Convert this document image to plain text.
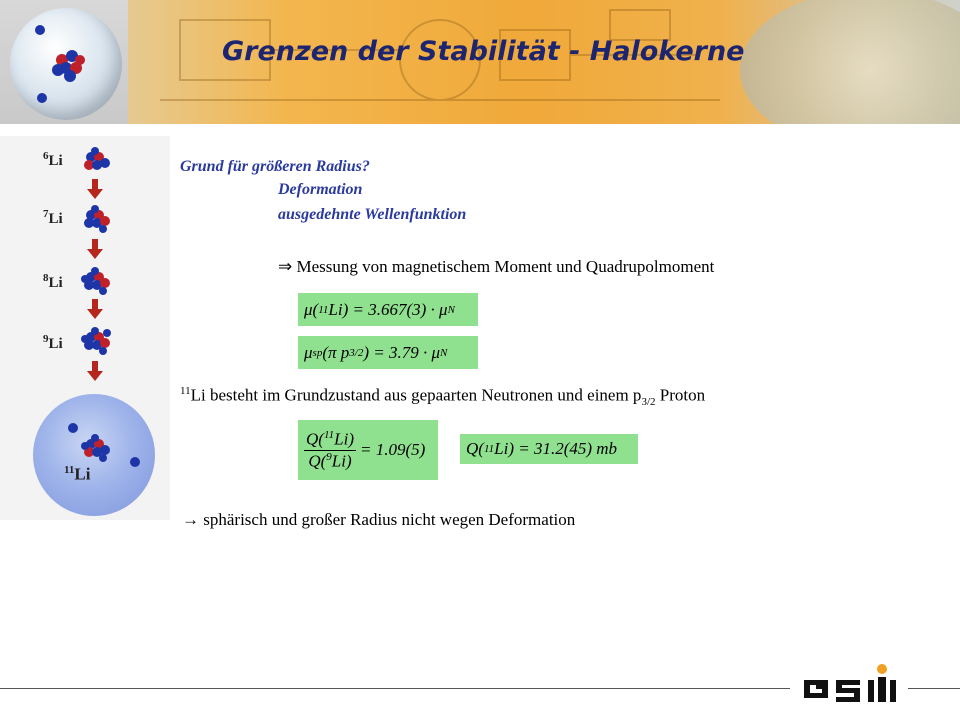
Grenzen der Stabilität - Halokerne
$^6$Li
$^7$Li
$^8$Li
$^9$Li
$^{11}$Li
Grund für größeren Radius?
Deformation
ausgedehnte Wellenfunktion
⇒ Messung von magnetischem Moment und Quadrupolmoment
μ( 11 Li) = 3.667(3) · μ N
μ sp (π p 3/2 ) = 3.79 · μ N
$^{11}$Li besteht im Grundzustand aus gepaarten Neutronen und einem $p_{3/2}$ Proton
$\frac{Q(^{11}Li)}{Q(^9Li)} = 1.09(5)$ Q( 11 Li) = 31.2(45) mb
→ sphärisch und großer Radius nicht wegen Deformation
